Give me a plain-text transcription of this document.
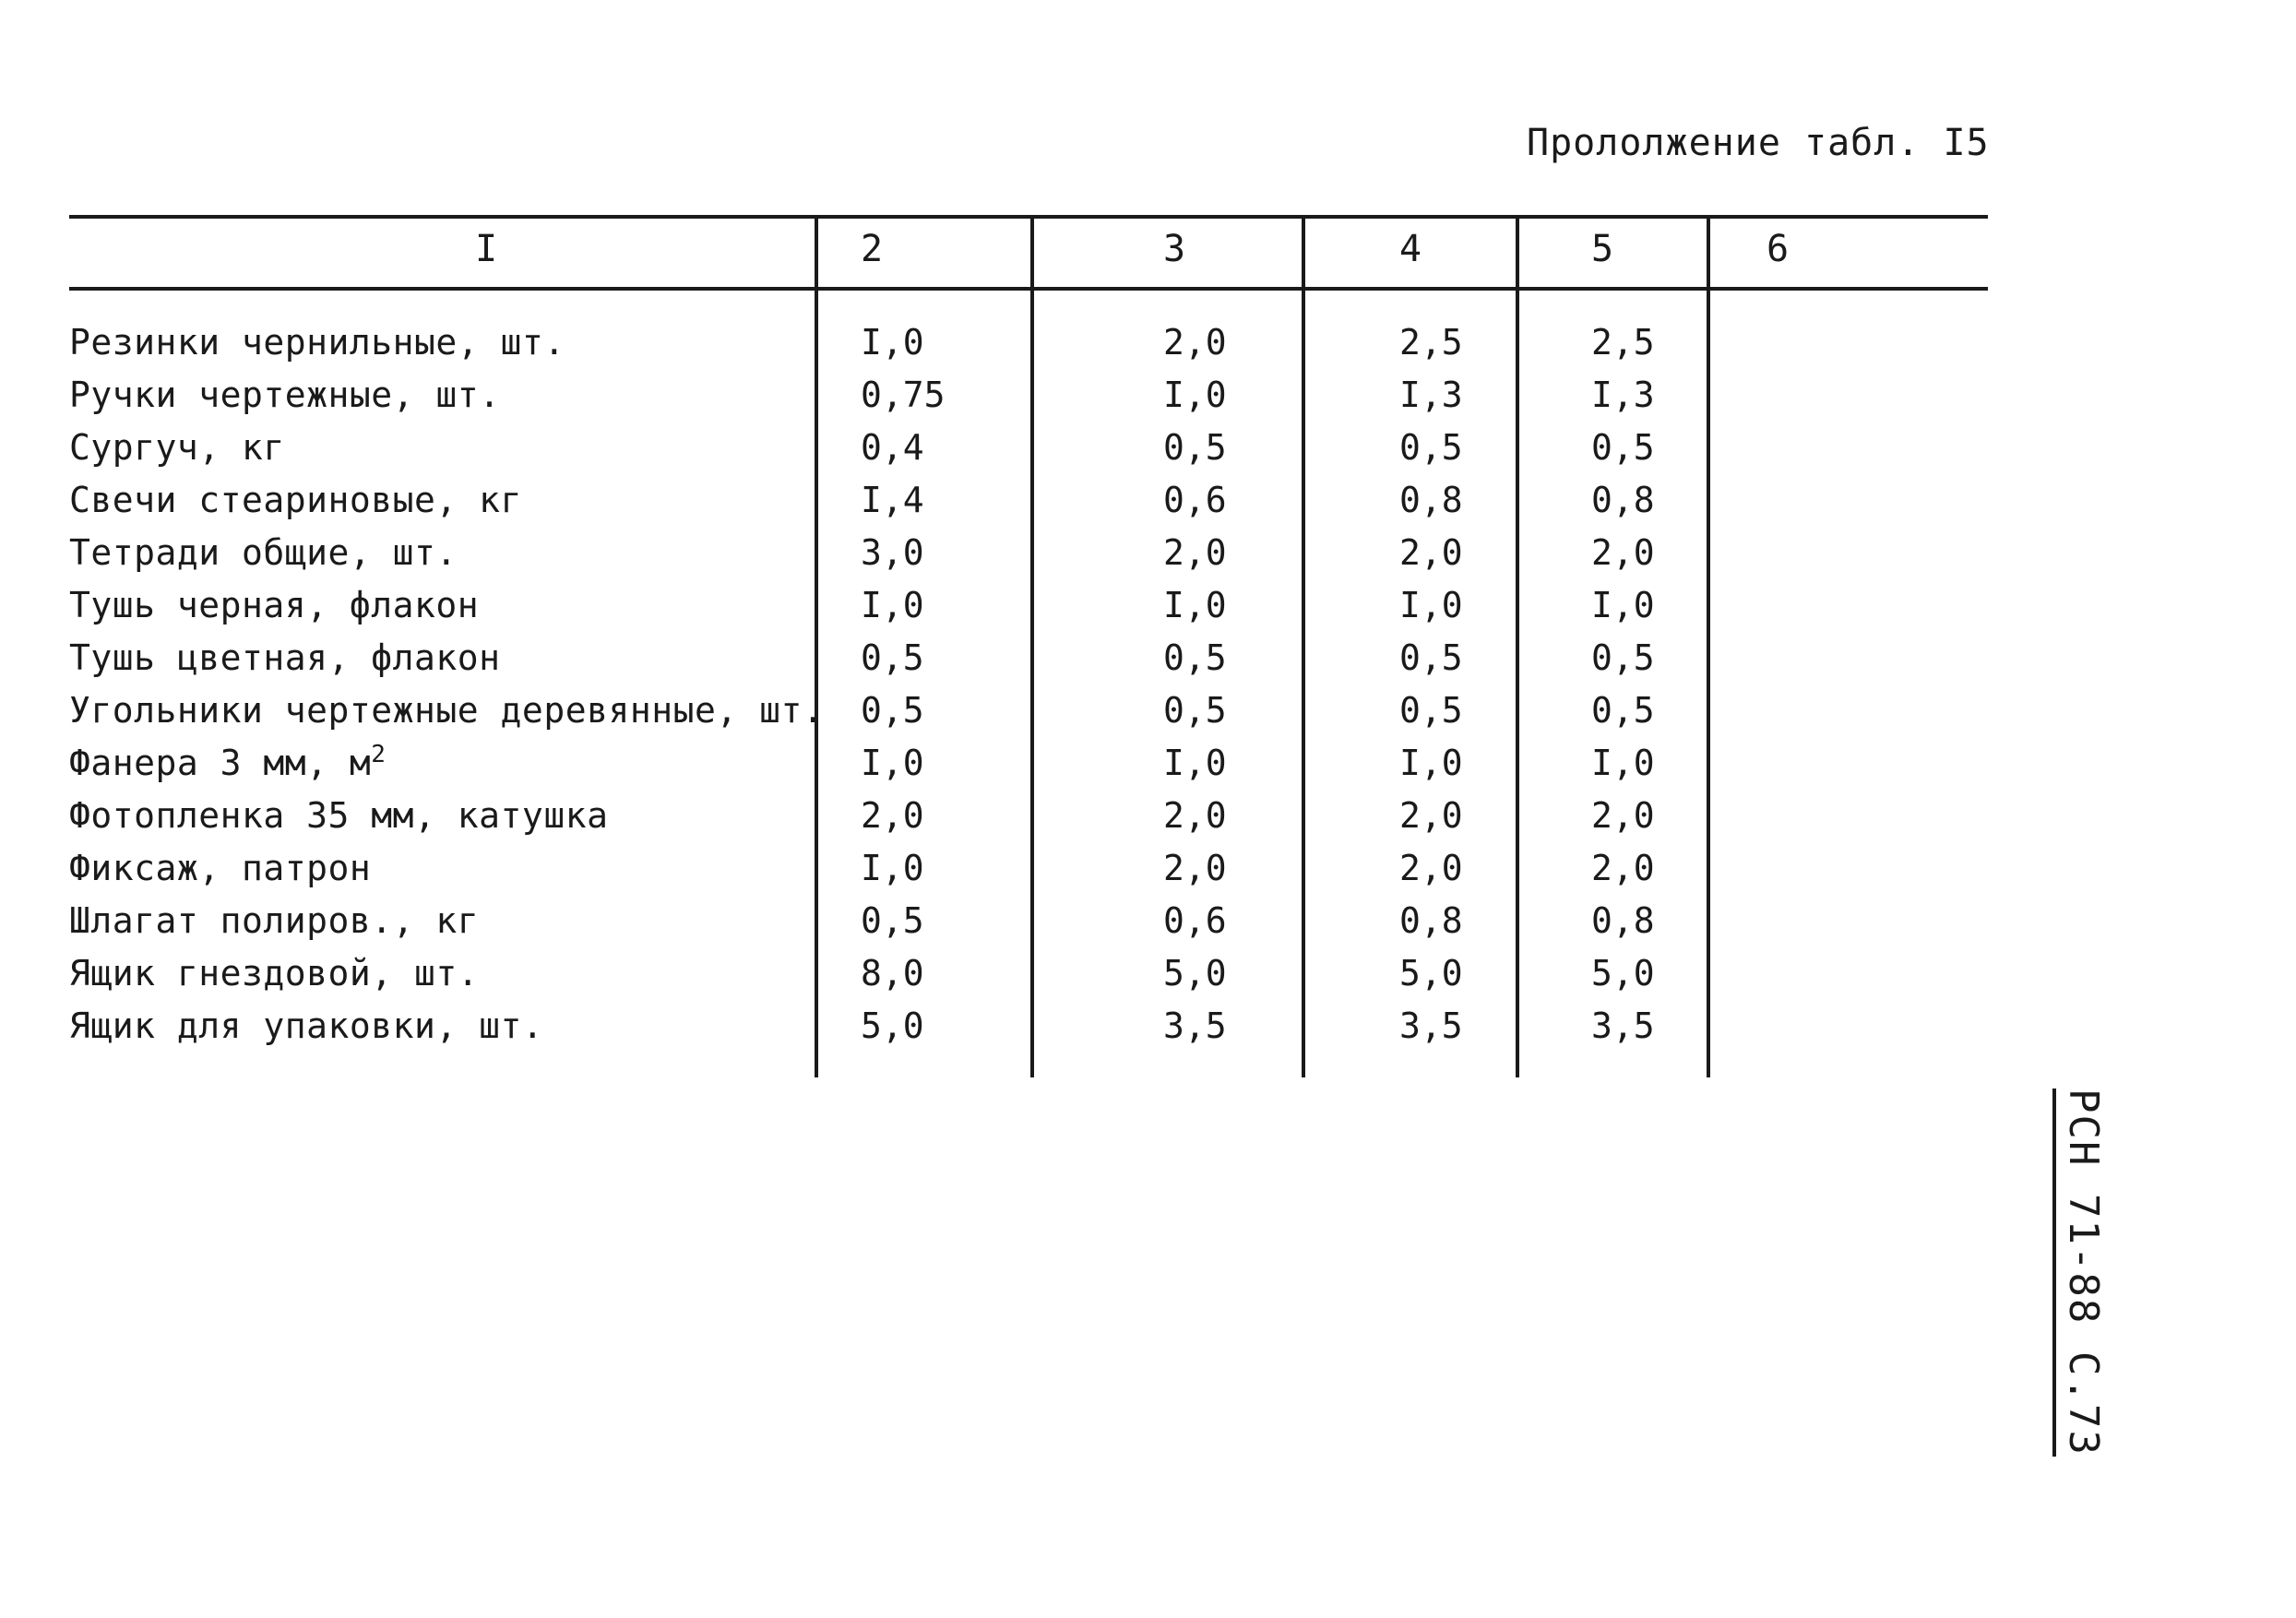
Прололжение табл. I5
I	2	3	4	5	6
Резинки чернильные, шт.	I,0	2,0	2,5	2,5
Ручки чертежные, шт.	0,75	I,0	I,3	I,3
Сургуч, кг	0,4	0,5	0,5	0,5
Свечи стеариновые, кг	I,4	0,6	0,8	0,8
Тетради общие, шт.	3,0	2,0	2,0	2,0
Тушь черная, флакон	I,0	I,0	I,0	I,0
Тушь цветная, флакон	0,5	0,5	0,5	0,5
Угольники чертежные деревянные, шт. 0,5	0,5	0,5	0,5
Фанера 3 мм, $м^2$	I,0	I,0	I,0	I,0
Фотопленка 35 мм, катушка	2,0	2,0	2,0	2,0
Фиксаж, патрон	I,0	2,0	2,0	2,0
Шлагат полиров., кг	0,5	0,6	0,8	0,8
Ящик гнездовой, шт.	8,0	5,0	5,0	5,0
Ящик для упаковки, шт.	5,0	3,5	3,5	3,5
РСН 71-88 С.73
